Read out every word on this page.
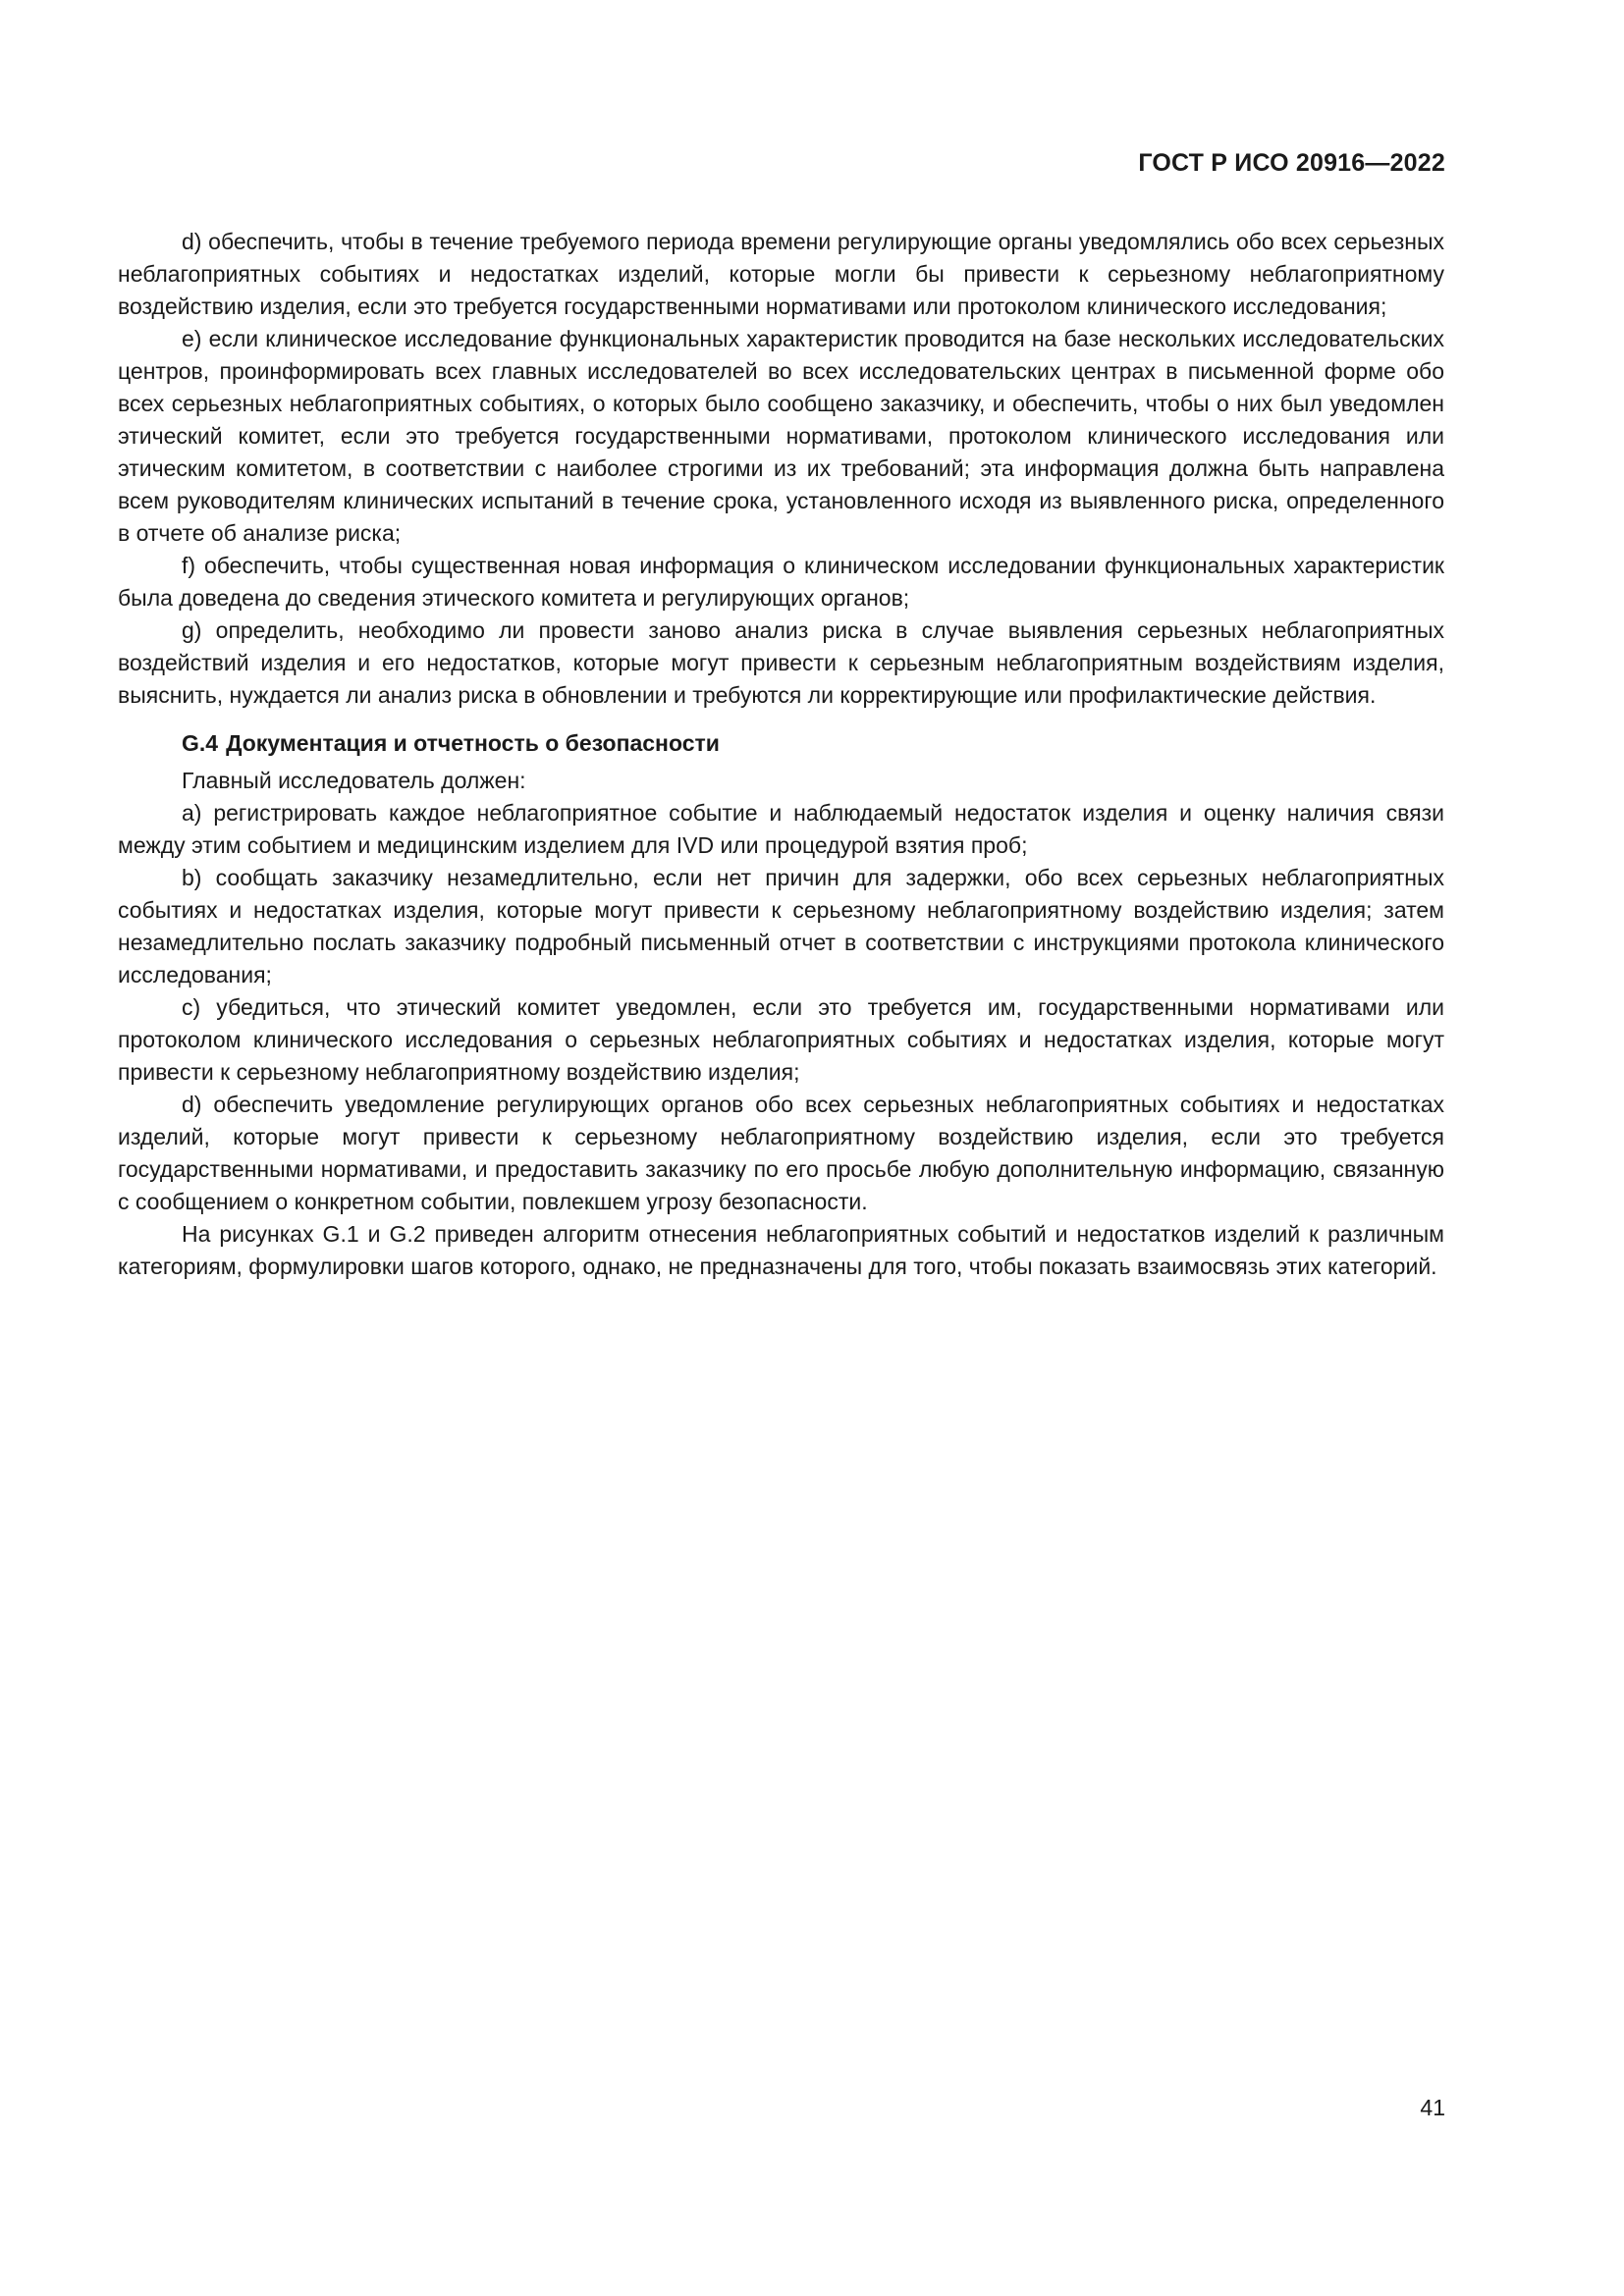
ГОСТ Р ИСО 20916—2022

d) обеспечить, чтобы в течение требуемого периода времени регулирующие органы уведомлялись обо всех серьезных неблагоприятных событиях и недостатках изделий, которые могли бы привести к серьезному неблагоприятному воздействию изделия, если это требуется государственными нормативами или протоколом клинического исследования;

e) если клиническое исследование функциональных характеристик проводится на базе нескольких исследовательских центров, проинформировать всех главных исследователей во всех исследовательских центрах в письменной форме обо всех серьезных неблагоприятных событиях, о которых было сообщено заказчику, и обеспечить, чтобы о них был уведомлен этический комитет, если это требуется государственными нормативами, протоколом клинического исследования или этическим комитетом, в соответствии с наиболее строгими из их требований; эта информация должна быть направлена всем руководителям клинических испытаний в течение срока, установленного исходя из выявленного риска, определенного в отчете об анализе риска;

f) обеспечить, чтобы существенная новая информация о клиническом исследовании функциональных характеристик была доведена до сведения этического комитета и регулирующих органов;

g) определить, необходимо ли провести заново анализ риска в случае выявления серьезных неблагоприятных воздействий изделия и его недостатков, которые могут привести к серьезным неблагоприятным воздействиям изделия, выяснить, нуждается ли анализ риска в обновлении и требуются ли корректирующие или профилактические действия.

G.4 Документация и отчетность о безопасности

Главный исследователь должен:

a) регистрировать каждое неблагоприятное событие и наблюдаемый недостаток изделия и оценку наличия связи между этим событием и медицинским изделием для IVD или процедурой взятия проб;

b) сообщать заказчику незамедлительно, если нет причин для задержки, обо всех серьезных неблагоприятных событиях и недостатках изделия, которые могут привести к серьезному неблагоприятному воздействию изделия; затем незамедлительно послать заказчику подробный письменный отчет в соответствии с инструкциями протокола клинического исследования;

c) убедиться, что этический комитет уведомлен, если это требуется им, государственными нормативами или протоколом клинического исследования о серьезных неблагоприятных событиях и недостатках изделия, которые могут привести к серьезному неблагоприятному воздействию изделия;

d) обеспечить уведомление регулирующих органов обо всех серьезных неблагоприятных событиях и недостатках изделий, которые могут привести к серьезному неблагоприятному воздействию изделия, если это требуется государственными нормативами, и предоставить заказчику по его просьбе любую дополнительную информацию, связанную с сообщением о конкретном событии, повлекшем угрозу безопасности.

На рисунках G.1 и G.2 приведен алгоритм отнесения неблагоприятных событий и недостатков изделий к различным категориям, формулировки шагов которого, однако, не предназначены для того, чтобы показать взаимосвязь этих категорий.

41
